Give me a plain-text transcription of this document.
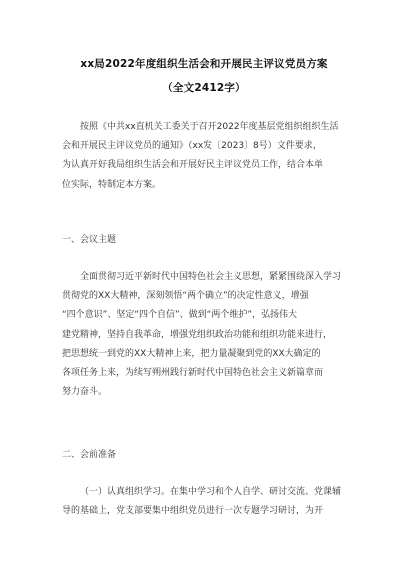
xx局2022年度组织生活会和开展民主评议党员方案
（全文2412字）
按照《中共xx直机关工委关于召开2022年度基层党组织组织生活
会和开展民主评议党员的通知》（xx发〔2023〕8号）文件要求，
为认真开好我局组织生活会和开展好民主评议党员工作，结合本单
位实际，特制定本方案。
一、会议主题
全面贯彻习近平新时代中国特色社会主义思想，紧紧围绕深入学习
贯彻党的XX大精神，深刻领悟“两个确立”的决定性意义，增强
“四个意识”、坚定“四个自信”、做到“两个维护”，弘扬伟大
建党精神，坚持自我革命，增强党组织政治功能和组织功能来进行，
把思想统一到党的XX大精神上来，把力量凝聚到党的XX大确定的
各项任务上来，为续写朔州践行新时代中国特色社会主义新篇章而
努力奋斗。
二、会前准备
（一）认真组织学习。在集中学习和个人自学、研讨交流、党课辅
导的基础上，党支部要集中组织党员进行一次专题学习研讨，为开
